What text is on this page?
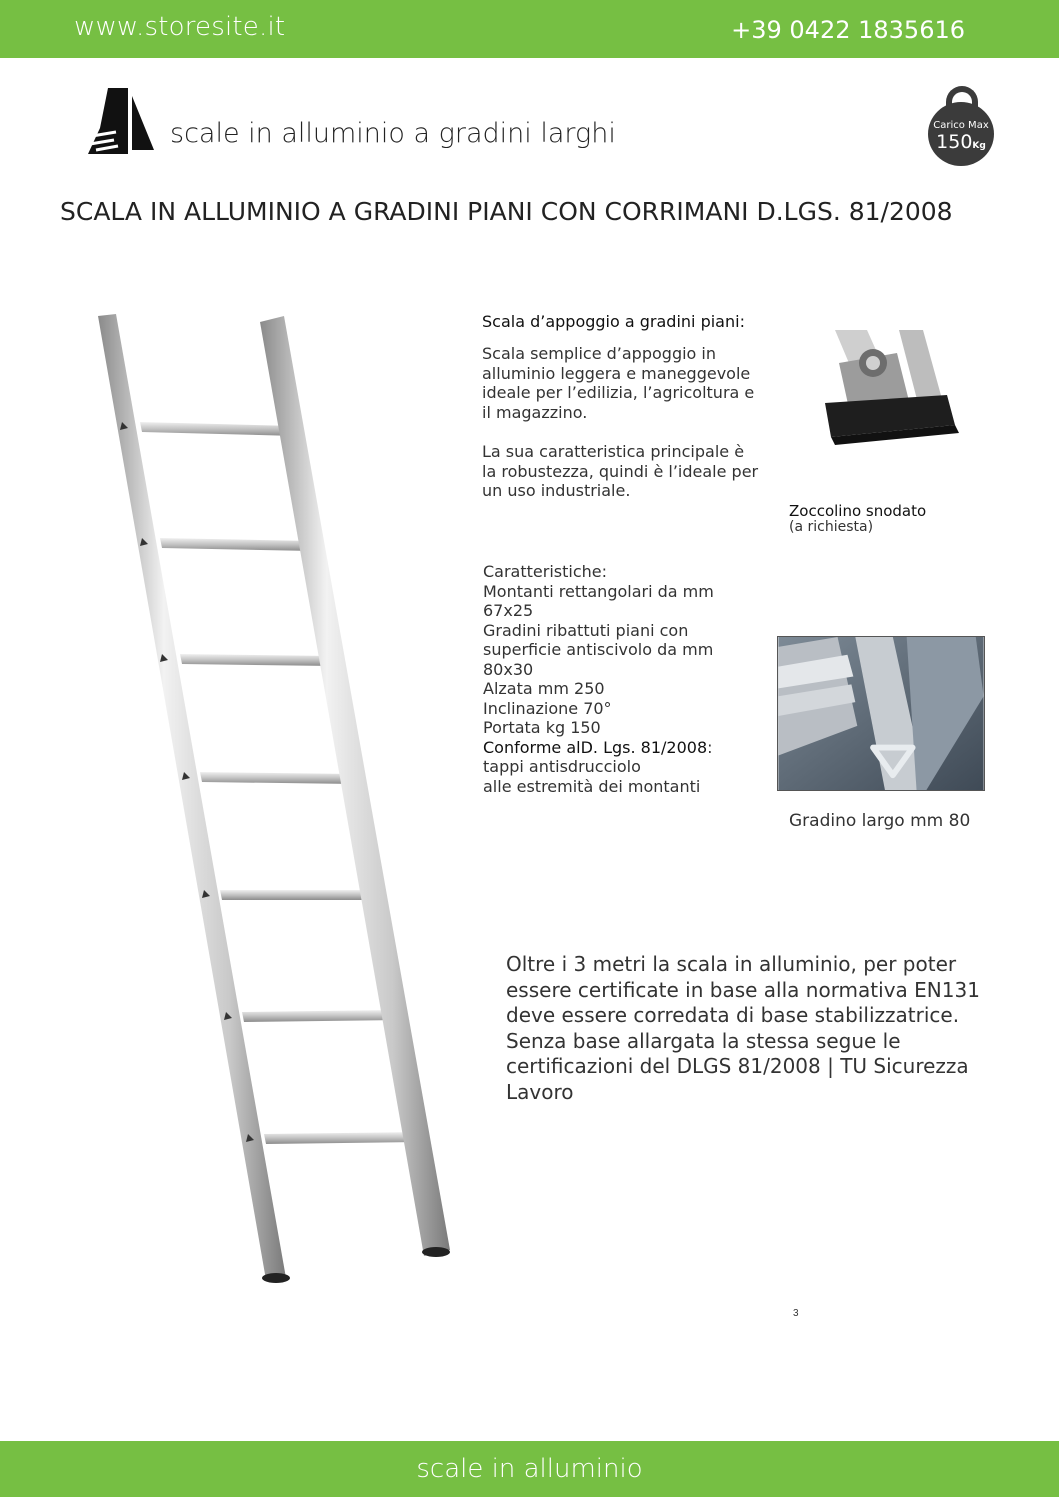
www.storesite.it	+39 0422 1835616
scale in alluminio a gradini larghi	Carico Max
150Kg
SCALA IN ALLUMINIO A GRADINI PIANI CON CORRIMANI D.LGS. 81/2008
Scala d’appoggio a gradini piani:
Scala semplice d’appoggio in alluminio leggera e maneggevole ideale per l’edilizia, l’agricoltura e il magazzino.
La sua caratteristica principale è la robustezza, quindi è l’ideale per un uso industriale.
Caratteristiche:
Montanti rettangolari da mm 67x25
Gradini ribattuti piani con superficie antiscivolo da mm 80x30
Alzata mm 250
Inclinazione 70°
Portata kg 150
Conforme alD. Lgs. 81/2008:
tappi antisdrucciolo
alle estremità dei montanti
Zoccolino snodato
(a richiesta)
Gradino largo mm 80
Oltre i 3 metri la scala in alluminio, per poter essere certificate in base alla normativa EN131 deve essere corredata di base stabilizzatrice. Senza base allargata la stessa segue le certificazioni del DLGS 81/2008 | TU Sicurezza Lavoro
3
scale in alluminio
